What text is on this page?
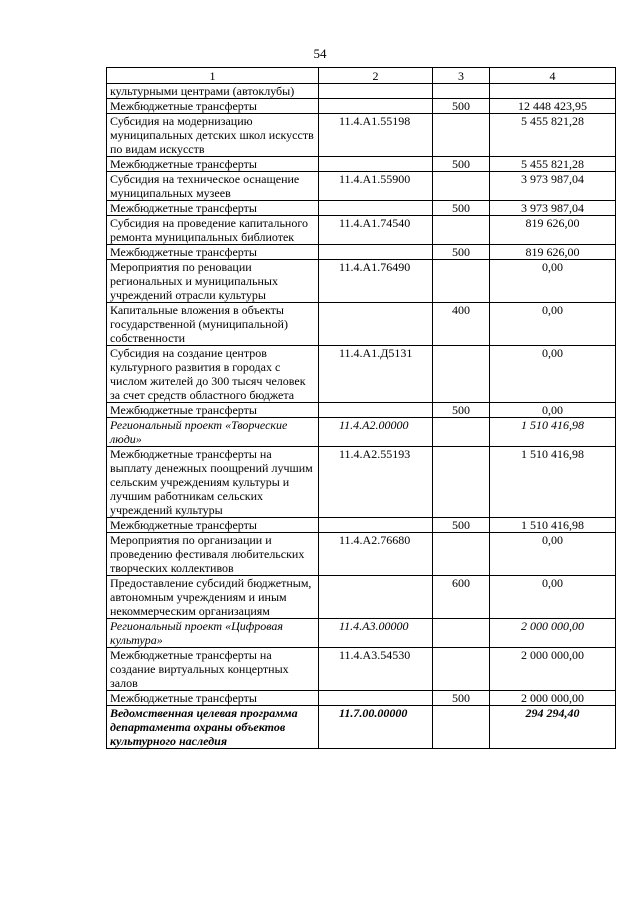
54
1	2	3	4
культурными центрами (автоклубы)			
Межбюджетные трансферты		500	12 448 423,95
Субсидия на модернизацию муниципальных детских школ искусств по видам искусств	11.4.A1.55198		5 455 821,28
Межбюджетные трансферты		500	5 455 821,28
Субсидия на техническое оснащение муниципальных музеев	11.4.A1.55900		3 973 987,04
Межбюджетные трансферты		500	3 973 987,04
Субсидия на проведение капитального ремонта муниципальных библиотек	11.4.A1.74540		819 626,00
Межбюджетные трансферты		500	819 626,00
Мероприятия по реновации региональных и муниципальных учреждений отрасли культуры	11.4.A1.76490		0,00
Капитальные вложения в объекты государственной (муниципальной) собственности		400	0,00
Субсидия на создание центров культурного развития в городах с числом жителей до 300 тысяч человек за счет средств областного бюджета	11.4.A1.Д5131		0,00
Межбюджетные трансферты		500	0,00
Региональный проект «Творческие люди»	11.4.A2.00000		1 510 416,98
Межбюджетные трансферты на выплату денежных поощрений лучшим сельским учреждениям культуры и лучшим работникам сельских учреждений культуры	11.4.A2.55193		1 510 416,98
Межбюджетные трансферты		500	1 510 416,98
Мероприятия по организации и проведению фестиваля любительских творческих коллективов	11.4.A2.76680		0,00
Предоставление субсидий бюджетным, автономным учреждениям и иным некоммерческим организациям		600	0,00
Региональный проект «Цифровая культура»	11.4.A3.00000		2 000 000,00
Межбюджетные трансферты на создание виртуальных концертных залов	11.4.A3.54530		2 000 000,00
Межбюджетные трансферты		500	2 000 000,00
Ведомственная целевая программа департамента охраны объектов культурного наследия	11.7.00.00000		294 294,40
